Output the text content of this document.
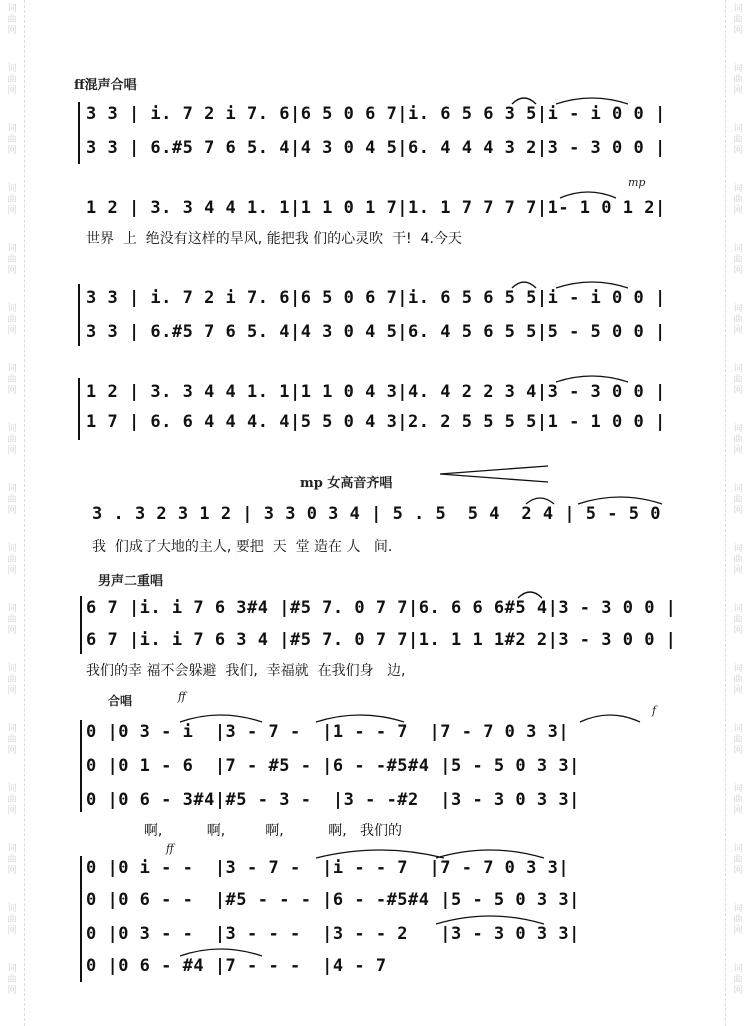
词
曲
网
词
曲
网
词
曲
网
词
曲
网
词
曲
网
词
曲
网
词
曲
网
词
曲
网
词
曲
网
词
曲
网
词
曲
网
词
曲
网
词
曲
网
词
曲
网
词
曲
网
词
曲
网
词
曲
网
词
曲
网
词
曲
网
词
曲
网
词
曲
网
词
曲
网
词
曲
网
词
曲
网
词
曲
网
词
曲
网
词
曲
网
词
曲
网
词
曲
网
词
曲
网
词
曲
网
词
曲
网
词
曲
网
词
曲
网
ff混声合唱
mp
mp 女高音齐唱
男声二重唱
合唱	ff
f
ff
3 3 | i. 7 2 i 7. 6|6 5 0 6 7|i. 6 5 6 3 5|i - i 0 0 |
3 3 | 6.#5 7 6 5. 4|4 3 0 4 5|6. 4 4 4 3 2|3 - 3 0 0 |
1 2 | 3. 3 4 4 1. 1|1 1 0 1 7|1. 1 7 7 7 7|1- 1 0 1 2|
世界  上  绝没有这样的旱风, 能把我 们的心灵吹  干!  4.今天
3 3 | i. 7 2 i 7. 6|6 5 0 6 7|i. 6 5 6 5 5|i - i 0 0 |
3 3 | 6.#5 7 6 5. 4|4 3 0 4 5|6. 4 5 6 5 5|5 - 5 0 0 |
1 2 | 3. 3 4 4 1. 1|1 1 0 4 3|4. 4 2 2 3 4|3 - 3 0 0 |
1 7 | 6. 6 4 4 4. 4|5 5 0 4 3|2. 2 5 5 5 5|1 - 1 0 0 |
3 . 3 2 3 1 2 | 3 3 0 3 4 | 5 . 5  5 4  2 4 | 5 - 5 0
我  们成了大地的主人, 要把  天  堂 造在 人   间.
6 7 |i. i 7 6 3#4 |#5 7. 0 7 7|6. 6 6 6#5 4|3 - 3 0 0 |
6 7 |i. i 7 6 3 4 |#5 7. 0 7 7|1. 1 1 1#2 2|3 - 3 0 0 |
我们的幸 福不会躲避  我们,  幸福就  在我们身   边,
0 |0 3 - i  |3 - 7 -  |1 - - 7  |7 - 7 0 3 3|
0 |0 1 - 6  |7 - #5 - |6 - -#5#4 |5 - 5 0 3 3|
0 |0 6 - 3#4|#5 - 3 -  |3 - -#2  |3 - 3 0 3 3|
啊,          啊,         啊,          啊,   我们的
0 |0 i - -  |3 - 7 -  |i - - 7  |7 - 7 0 3 3|
0 |0 6 - -  |#5 - - - |6 - -#5#4 |5 - 5 0 3 3|
0 |0 3 - -  |3 - - -  |3 - - 2   |3 - 3 0 3 3|
0 |0 6 - #4 |7 - - -  |4 - 7
